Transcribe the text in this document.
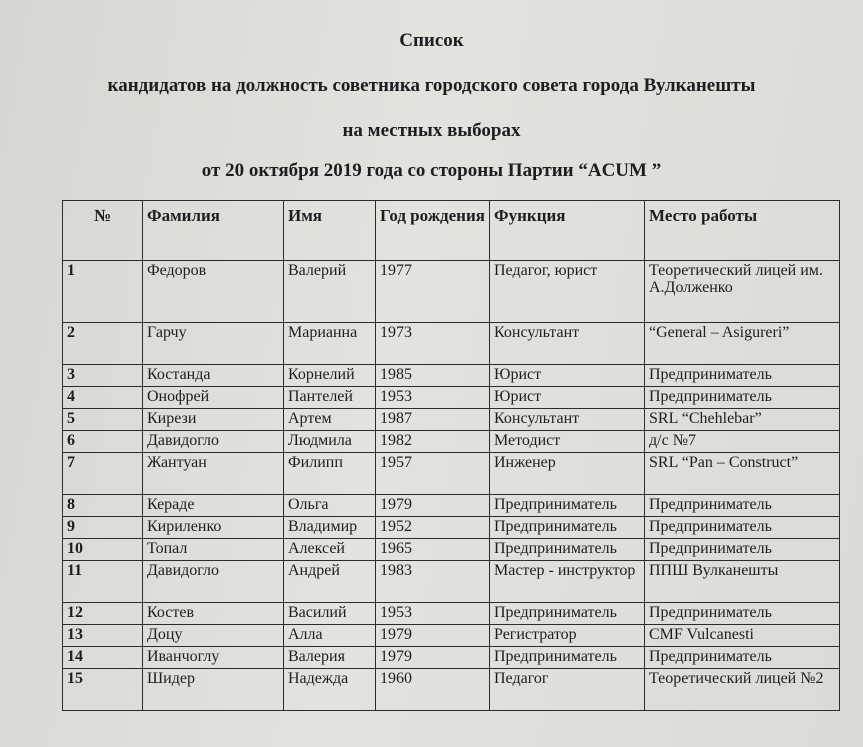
Список
кандидатов на должность советника городского совета города Вулканешты
на местных выборах
от 20 октября 2019 года со стороны Партии “ACUM ”
№	Фамилия	Имя	Год рождения	Функция	Место работы
1	Федоров	Валерий	1977	Педагог, юрист	Теоретический лицей им. А.Долженко
2	Гарчу	Марианна	1973	Консультант	“General – Asigureri”
3	Костанда	Корнелий	1985	Юрист	Предприниматель
4	Онофрей	Пантелей	1953	Юрист	Предприниматель
5	Кирези	Артем	1987	Консультант	SRL “Chehlebar”
6	Давидогло	Людмила	1982	Методист	д/с №7
7	Жантуан	Филипп	1957	Инженер	SRL “Pan – Construct”
8	Кераде	Ольга	1979	Предприниматель	Предприниматель
9	Кириленко	Владимир	1952	Предприниматель	Предприниматель
10	Топал	Алексей	1965	Предприниматель	Предприниматель
11	Давидогло	Андрей	1983	Мастер - инструктор	ППШ Вулканешты
12	Костев	Василий	1953	Предприниматель	Предприниматель
13	Доцу	Алла	1979	Регистратор	CMF Vulcanesti
14	Иванчоглу	Валерия	1979	Предприниматель	Предприниматель
15	Шидер	Надежда	1960	Педагог	Теоретический лицей №2
